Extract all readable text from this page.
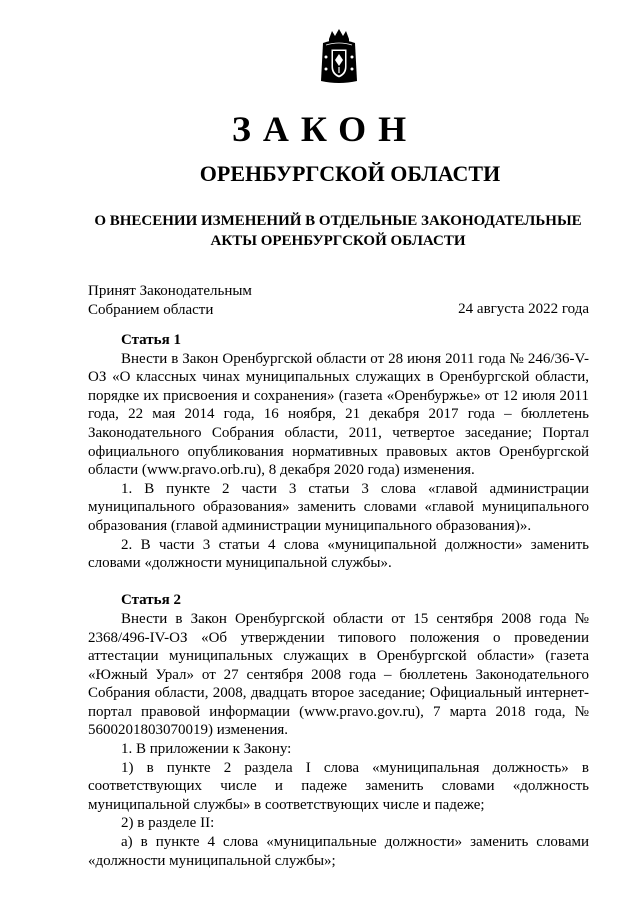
ЗАКОН
ОРЕНБУРГСКОЙ ОБЛАСТИ
О ВНЕСЕНИИ ИЗМЕНЕНИЙ В ОТДЕЛЬНЫЕ ЗАКОНОДАТЕЛЬНЫЕ АКТЫ ОРЕНБУРГСКОЙ ОБЛАСТИ
Принят Законодательным
Собранием области	24 августа 2022 года

Статья 1

Внести в Закон Оренбургской области от 28 июня 2011 года № 246/36-V-ОЗ «О классных чинах муниципальных служащих в Оренбургской области, порядке их присвоения и сохранения» (газета «Оренбуржье» от 12 июля 2011 года, 22 мая 2014 года, 16 ноября, 21 декабря 2017 года – бюллетень Законодательного Собрания области, 2011, четвертое заседание; Портал официального опубликования нормативных правовых актов Оренбургской области (www.pravo.orb.ru), 8 декабря 2020 года) изменения.

1. В пункте 2 части 3 статьи 3 слова «главой администрации муниципального образования» заменить словами «главой муниципального образования (главой администрации муниципального образования)».

2. В части 3 статьи 4 слова «муниципальной должности» заменить словами «должности муниципальной службы».

Статья 2

Внести в Закон Оренбургской области от 15 сентября 2008 года № 2368/496-IV-ОЗ «Об утверждении типового положения о проведении аттестации муниципальных служащих в Оренбургской области» (газета «Южный Урал» от 27 сентября 2008 года – бюллетень Законодательного Собрания области, 2008, двадцать второе заседание; Официальный интернет-портал правовой информации (www.pravo.gov.ru), 7 марта 2018 года, № 5600201803070019) изменения.

1. В приложении к Закону:

1) в пункте 2 раздела I слова «муниципальная должность» в соответствующих числе и падеже заменить словами «должность муниципальной службы» в соответствующих числе и падеже;

2) в разделе II:

а) в пункте 4 слова «муниципальные должности» заменить словами «должности муниципальной службы»;
